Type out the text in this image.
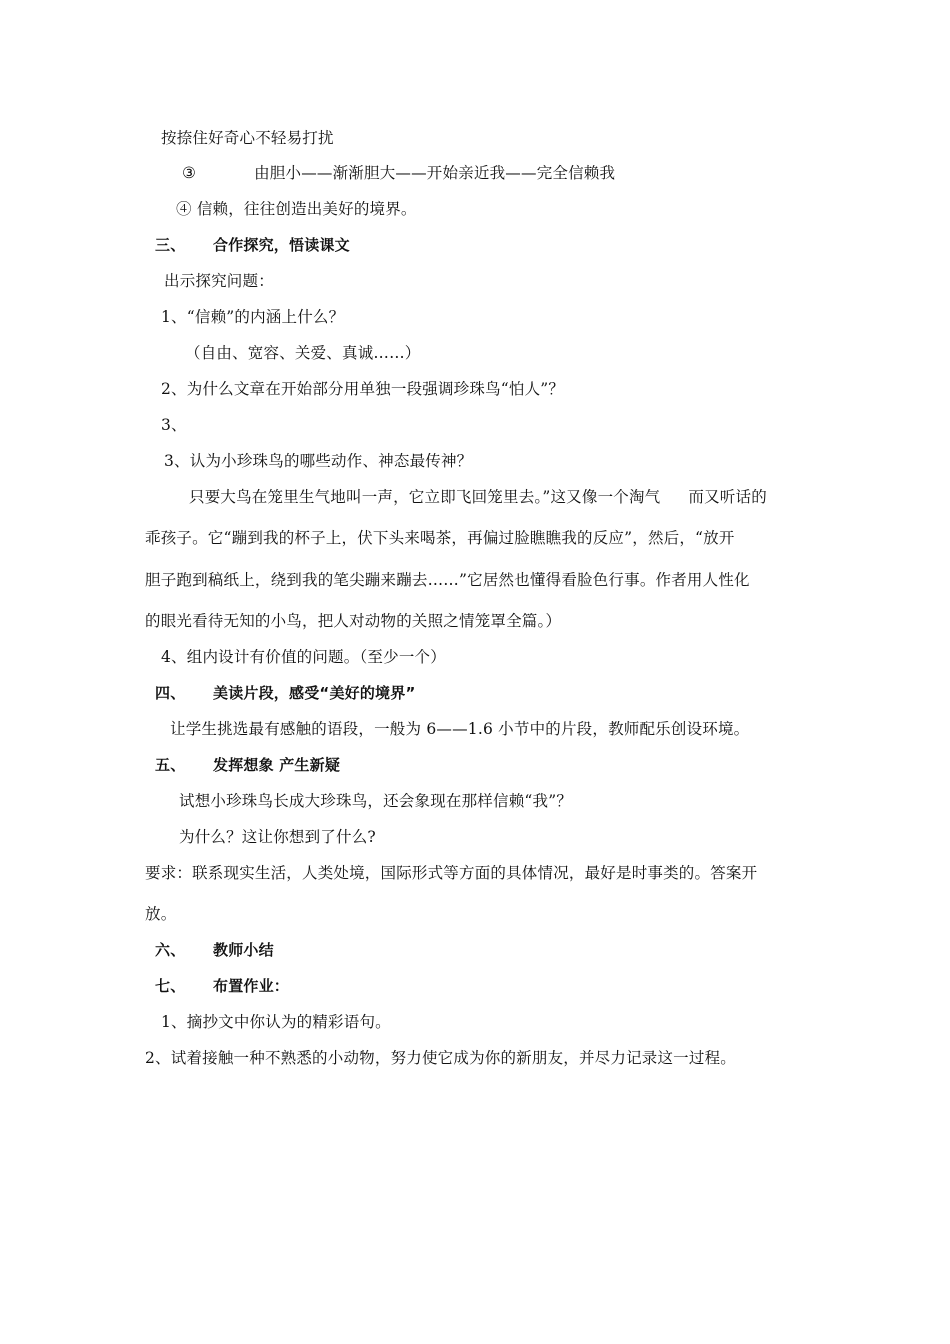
按捺住好奇心不轻易打扰
③	由胆小——渐渐胆大——开始亲近我——完全信赖我
④ 信赖，往往创造出美好的境界。
三、 合作探究，悟读课文
出示探究问题：
1、“信赖”的内涵上什么？
（自由、宽容、关爱、真诚……）
2、为什么文章在开始部分用单独一段强调珍珠鸟“怕人”？
3、
3、认为小珍珠鸟的哪些动作、神态最传神？
只要大鸟在笼里生气地叫一声，它立即飞回笼里去。”这又像一个淘气 而又听话的
乖孩子。它“蹦到我的杯子上，伏下头来喝茶，再偏过脸瞧瞧我的反应”，然后，“放开
胆子跑到稿纸上，绕到我的笔尖蹦来蹦去……”它居然也懂得看脸色行事。作者用人性化
的眼光看待无知的小鸟，把人对动物的关照之情笼罩全篇。）
4、组内设计有价值的问题。（至少一个）
四、 美读片段，感受“美好的境界”
让学生挑选最有感触的语段，一般为 6——1.6 小节中的片段，教师配乐创设环境。
五、 发挥想象 产生新疑
试想小珍珠鸟长成大珍珠鸟，还会象现在那样信赖“我”？
为什么？这让你想到了什么?
要求：联系现实生活，人类处境，国际形式等方面的具体情况，最好是时事类的。答案开
放。
六、 教师小结
七、 布置作业：
1、摘抄文中你认为的精彩语句。
2、试着接触一种不熟悉的小动物，努力使它成为你的新朋友，并尽力记录这一过程。
